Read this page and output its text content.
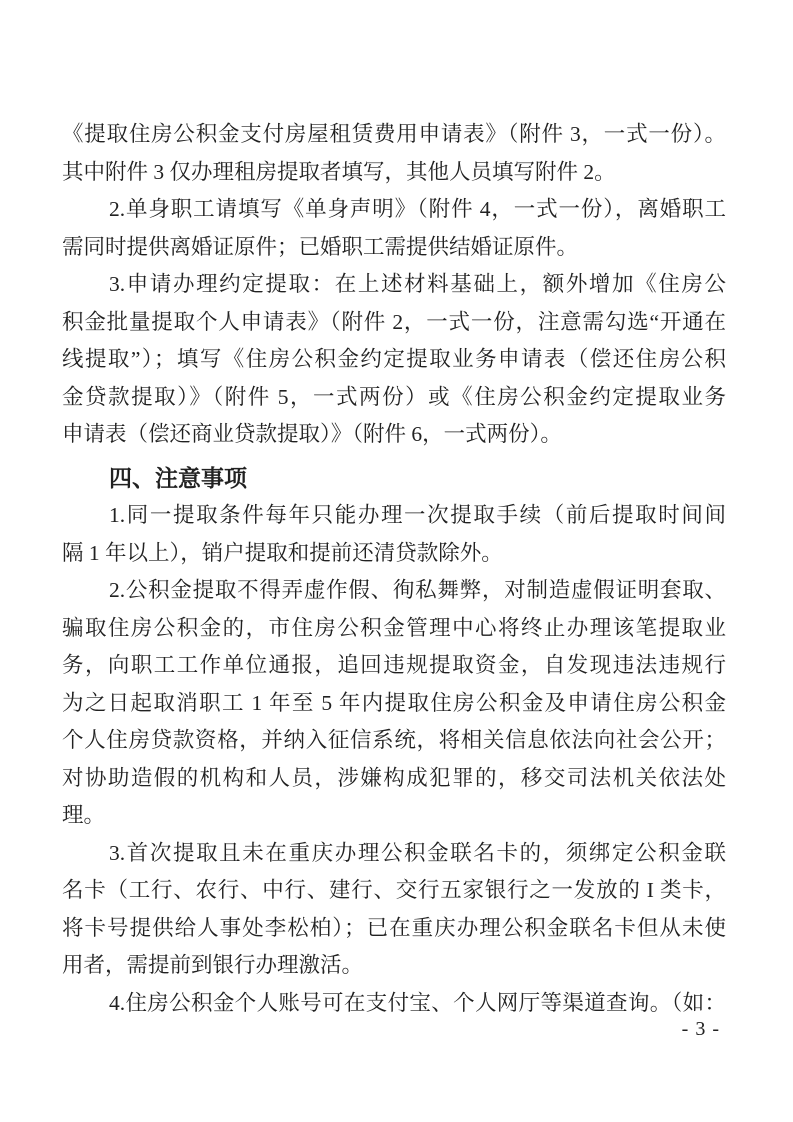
《提取住房公积金支付房屋租赁费用申请表》（附件 3，一式一份）。
其中附件 3 仅办理租房提取者填写，其他人员填写附件 2。
2.单身职工请填写《单身声明》（附件 4，一式一份），离婚职工
需同时提供离婚证原件；已婚职工需提供结婚证原件。
3.申请办理约定提取：在上述材料基础上，额外增加《住房公
积金批量提取个人申请表》（附件 2，一式一份，注意需勾选“开通在
线提取”）；填写《住房公积金约定提取业务申请表（偿还住房公积
金贷款提取）》（附件 5，一式两份）或《住房公积金约定提取业务
申请表（偿还商业贷款提取）》（附件 6，一式两份）。
四、注意事项
1.同一提取条件每年只能办理一次提取手续（前后提取时间间
隔 1 年以上），销户提取和提前还清贷款除外。
2.公积金提取不得弄虚作假、徇私舞弊，对制造虚假证明套取、
骗取住房公积金的，市住房公积金管理中心将终止办理该笔提取业
务，向职工工作单位通报，追回违规提取资金，自发现违法违规行
为之日起取消职工 1 年至 5 年内提取住房公积金及申请住房公积金
个人住房贷款资格，并纳入征信系统，将相关信息依法向社会公开；
对协助造假的机构和人员，涉嫌构成犯罪的，移交司法机关依法处
理。
3.首次提取且未在重庆办理公积金联名卡的，须绑定公积金联
名卡（工行、农行、中行、建行、交行五家银行之一发放的 I 类卡，
将卡号提供给人事处李松柏）；已在重庆办理公积金联名卡但从未使
用者，需提前到银行办理激活。
4.住房公积金个人账号可在支付宝、个人网厅等渠道查询。（如：
- 3 -
